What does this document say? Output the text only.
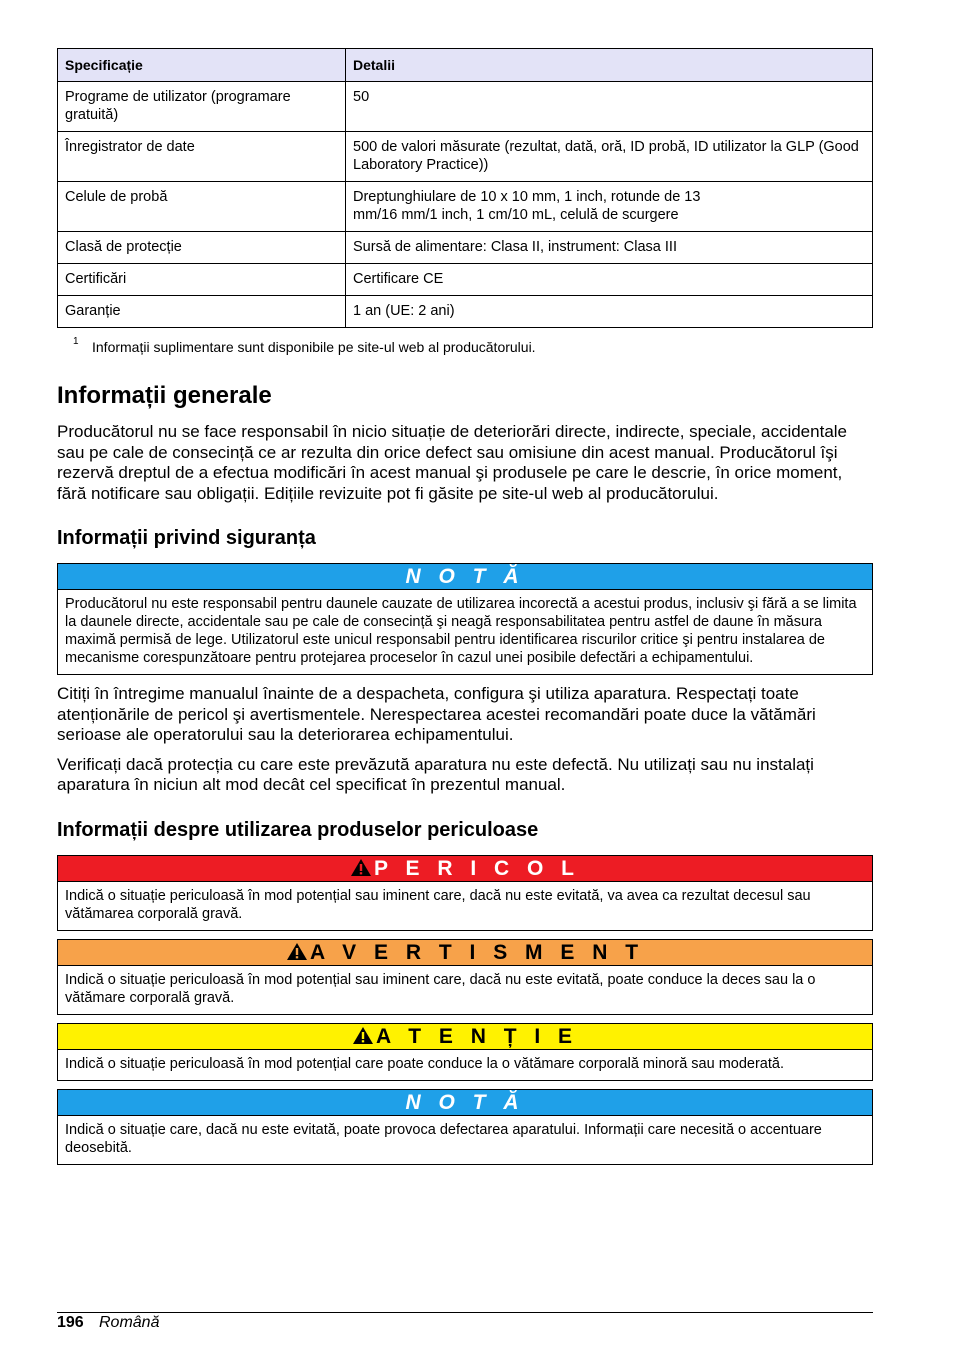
Specificație	Detalii
Programe de utilizator (programare gratuită)	50
Înregistrator de date	500 de valori măsurate (rezultat, dată, oră, ID probă, ID utilizator la GLP (Good Laboratory Practice))
Celule de probă	Dreptunghiulare de 10 x 10 mm, 1 inch, rotunde de 13 mm/16 mm/1 inch, 1 cm/10 mL, celulă de scurgere
Clasă de protecție	Sursă de alimentare: Clasa II, instrument: Clasa III
Certificări	Certificare CE
Garanție	1 an (UE: 2 ani)
1 Informații suplimentare sunt disponibile pe site-ul web al producătorului.
Informații generale

Producătorul nu se face responsabil în nicio situație de deteriorări directe, indirecte, speciale, accidentale sau pe cale de consecință ce ar rezulta din orice defect sau omisiune din acest manual. Producătorul îşi rezervă dreptul de a efectua modificări în acest manual şi produsele pe care le descrie, în orice moment, fără notificare sau obligații. Edițiile revizuite pot fi găsite pe site-ul web al producătorului.

Informații privind siguranța
N O T Ă
Producătorul nu este responsabil pentru daunele cauzate de utilizarea incorectă a acestui produs, inclusiv şi fără a se limita la daunele directe, accidentale sau pe cale de consecință şi neagă responsabilitatea pentru astfel de daune în măsura maximă permisă de lege. Utilizatorul este unicul responsabil pentru identificarea riscurilor critice şi pentru instalarea de mecanisme corespunzătoare pentru protejarea proceselor în cazul unei posibile defectări a echipamentului.

Citiți în întregime manualul înainte de a despacheta, configura şi utiliza aparatura. Respectați toate atenționările de pericol şi avertismentele. Nerespectarea acestei recomandări poate duce la vătămări serioase ale operatorului sau la deteriorarea echipamentului.

Verificați dacă protecția cu care este prevăzută aparatura nu este defectă. Nu utilizați sau nu instalați aparatura în niciun alt mod decât cel specificat în prezentul manual.

Informații despre utilizarea produselor periculoase
P E R I C O L
Indică o situație periculoasă în mod potențial sau iminent care, dacă nu este evitată, va avea ca rezultat decesul sau vătămarea corporală gravă.
A V E R T I S M E N T
Indică o situație periculoasă în mod potențial sau iminent care, dacă nu este evitată, poate conduce la deces sau la o vătămare corporală gravă.
A T E N Ț I E
Indică o situație periculoasă în mod potențial care poate conduce la o vătămare corporală minoră sau moderată.
N O T Ă
Indică o situație care, dacă nu este evitată, poate provoca defectarea aparatului. Informații care necesită o accentuare deosebită.
196 Română
